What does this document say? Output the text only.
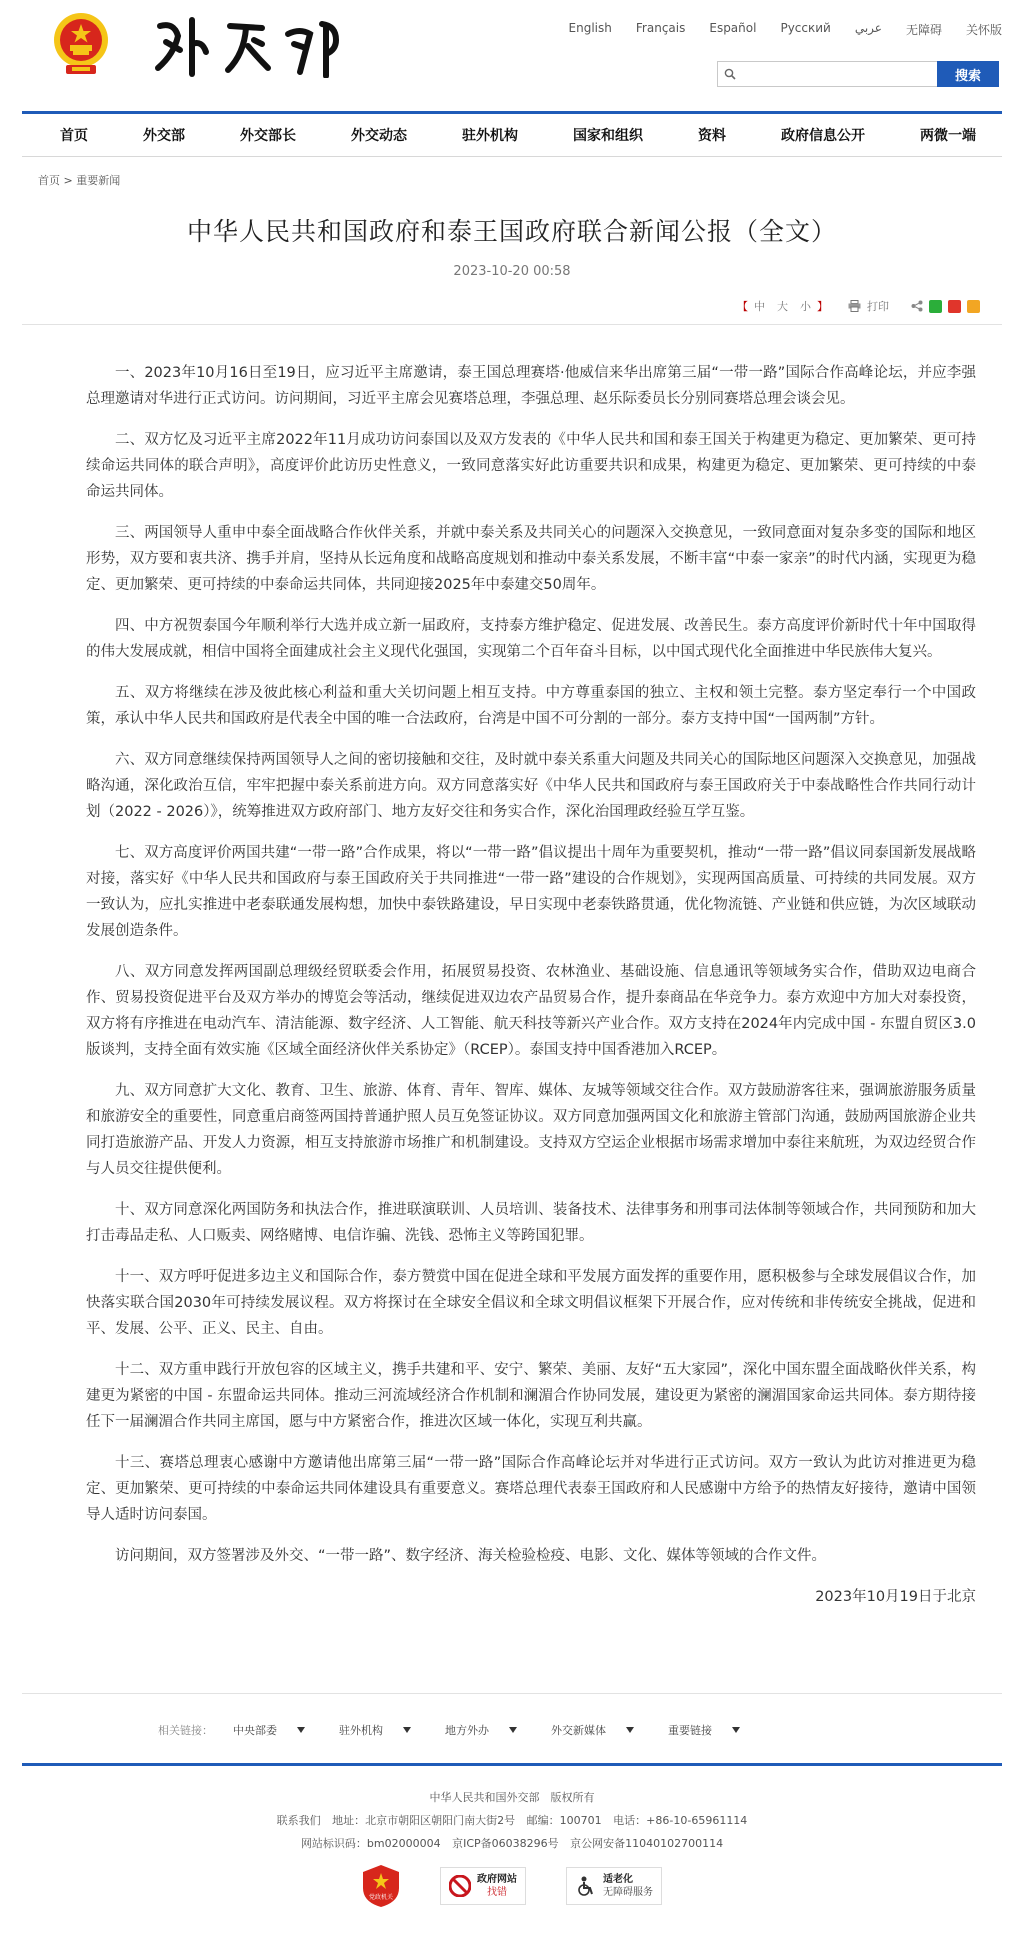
外交部
English Français Español Русский عربي 无障碍 关怀版
搜索
首页	外交部	外交部长	外交动态	驻外机构	国家和组织	资料	政府信息公开	两微一端
首页 > 重要新闻
中华人民共和国政府和泰王国政府联合新闻公报（全文）
2023-10-20 00:58
【 中 大 小 】	打印

一、2023年10月16日至19日，应习近平主席邀请，泰王国总理赛塔·他威信来华出席第三届“一带一路”国际合作高峰论坛，并应李强总理邀请对华进行正式访问。访问期间，习近平主席会见赛塔总理，李强总理、赵乐际委员长分别同赛塔总理会谈会见。

二、双方忆及习近平主席2022年11月成功访问泰国以及双方发表的《中华人民共和国和泰王国关于构建更为稳定、更加繁荣、更可持续命运共同体的联合声明》，高度评价此访历史性意义，一致同意落实好此访重要共识和成果，构建更为稳定、更加繁荣、更可持续的中泰命运共同体。

三、两国领导人重申中泰全面战略合作伙伴关系，并就中泰关系及共同关心的问题深入交换意见，一致同意面对复杂多变的国际和地区形势，双方要和衷共济、携手并肩，坚持从长远角度和战略高度规划和推动中泰关系发展，不断丰富“中泰一家亲”的时代内涵，实现更为稳定、更加繁荣、更可持续的中泰命运共同体，共同迎接2025年中泰建交50周年。

四、中方祝贺泰国今年顺利举行大选并成立新一届政府，支持泰方维护稳定、促进发展、改善民生。泰方高度评价新时代十年中国取得的伟大发展成就，相信中国将全面建成社会主义现代化强国，实现第二个百年奋斗目标，以中国式现代化全面推进中华民族伟大复兴。

五、双方将继续在涉及彼此核心利益和重大关切问题上相互支持。中方尊重泰国的独立、主权和领土完整。泰方坚定奉行一个中国政策，承认中华人民共和国政府是代表全中国的唯一合法政府，台湾是中国不可分割的一部分。泰方支持中国“一国两制”方针。

六、双方同意继续保持两国领导人之间的密切接触和交往，及时就中泰关系重大问题及共同关心的国际地区问题深入交换意见，加强战略沟通，深化政治互信，牢牢把握中泰关系前进方向。双方同意落实好《中华人民共和国政府与泰王国政府关于中泰战略性合作共同行动计划（2022 - 2026）》，统筹推进双方政府部门、地方友好交往和务实合作，深化治国理政经验互学互鉴。

七、双方高度评价两国共建“一带一路”合作成果，将以“一带一路”倡议提出十周年为重要契机，推动“一带一路”倡议同泰国新发展战略对接，落实好《中华人民共和国政府与泰王国政府关于共同推进“一带一路”建设的合作规划》，实现两国高质量、可持续的共同发展。双方一致认为，应扎实推进中老泰联通发展构想，加快中泰铁路建设，早日实现中老泰铁路贯通，优化物流链、产业链和供应链，为次区域联动发展创造条件。

八、双方同意发挥两国副总理级经贸联委会作用，拓展贸易投资、农林渔业、基础设施、信息通讯等领域务实合作，借助双边电商合作、贸易投资促进平台及双方举办的博览会等活动，继续促进双边农产品贸易合作，提升泰商品在华竞争力。泰方欢迎中方加大对泰投资，双方将有序推进在电动汽车、清洁能源、数字经济、人工智能、航天科技等新兴产业合作。双方支持在2024年内完成中国 - 东盟自贸区3.0版谈判，支持全面有效实施《区域全面经济伙伴关系协定》（RCEP）。泰国支持中国香港加入RCEP。

九、双方同意扩大文化、教育、卫生、旅游、体育、青年、智库、媒体、友城等领域交往合作。双方鼓励游客往来，强调旅游服务质量和旅游安全的重要性，同意重启商签两国持普通护照人员互免签证协议。双方同意加强两国文化和旅游主管部门沟通，鼓励两国旅游企业共同打造旅游产品、开发人力资源，相互支持旅游市场推广和机制建设。支持双方空运企业根据市场需求增加中泰往来航班，为双边经贸合作与人员交往提供便利。

十、双方同意深化两国防务和执法合作，推进联演联训、人员培训、装备技术、法律事务和刑事司法体制等领域合作，共同预防和加大打击毒品走私、人口贩卖、网络赌博、电信诈骗、洗钱、恐怖主义等跨国犯罪。

十一、双方呼吁促进多边主义和国际合作，泰方赞赏中国在促进全球和平发展方面发挥的重要作用，愿积极参与全球发展倡议合作，加快落实联合国2030年可持续发展议程。双方将探讨在全球安全倡议和全球文明倡议框架下开展合作，应对传统和非传统安全挑战，促进和平、发展、公平、正义、民主、自由。

十二、双方重申践行开放包容的区域主义，携手共建和平、安宁、繁荣、美丽、友好“五大家园”，深化中国东盟全面战略伙伴关系，构建更为紧密的中国 - 东盟命运共同体。推动三河流域经济合作机制和澜湄合作协同发展，建设更为紧密的澜湄国家命运共同体。泰方期待接任下一届澜湄合作共同主席国，愿与中方紧密合作，推进次区域一体化，实现互利共赢。

十三、赛塔总理衷心感谢中方邀请他出席第三届“一带一路”国际合作高峰论坛并对华进行正式访问。双方一致认为此访对推进更为稳定、更加繁荣、更可持续的中泰命运共同体建设具有重要意义。赛塔总理代表泰王国政府和人民感谢中方给予的热情友好接待，邀请中国领导人适时访问泰国。

访问期间，双方签署涉及外交、“一带一路”、数字经济、海关检验检疫、电影、文化、媒体等领域的合作文件。

2023年10月19日于北京

相关链接： 中央部委	驻外机构	地方外办	外交新媒体	重要链接
中华人民共和国外交部　版权所有
联系我们 地址：北京市朝阳区朝阳门南大街2号 邮编：100701 电话：+86-10-65961114
网站标识码：bm02000004 京ICP备06038296号 京公网安备11040102700114
党政机关
政府网站
找错
适老化
无障碍服务
